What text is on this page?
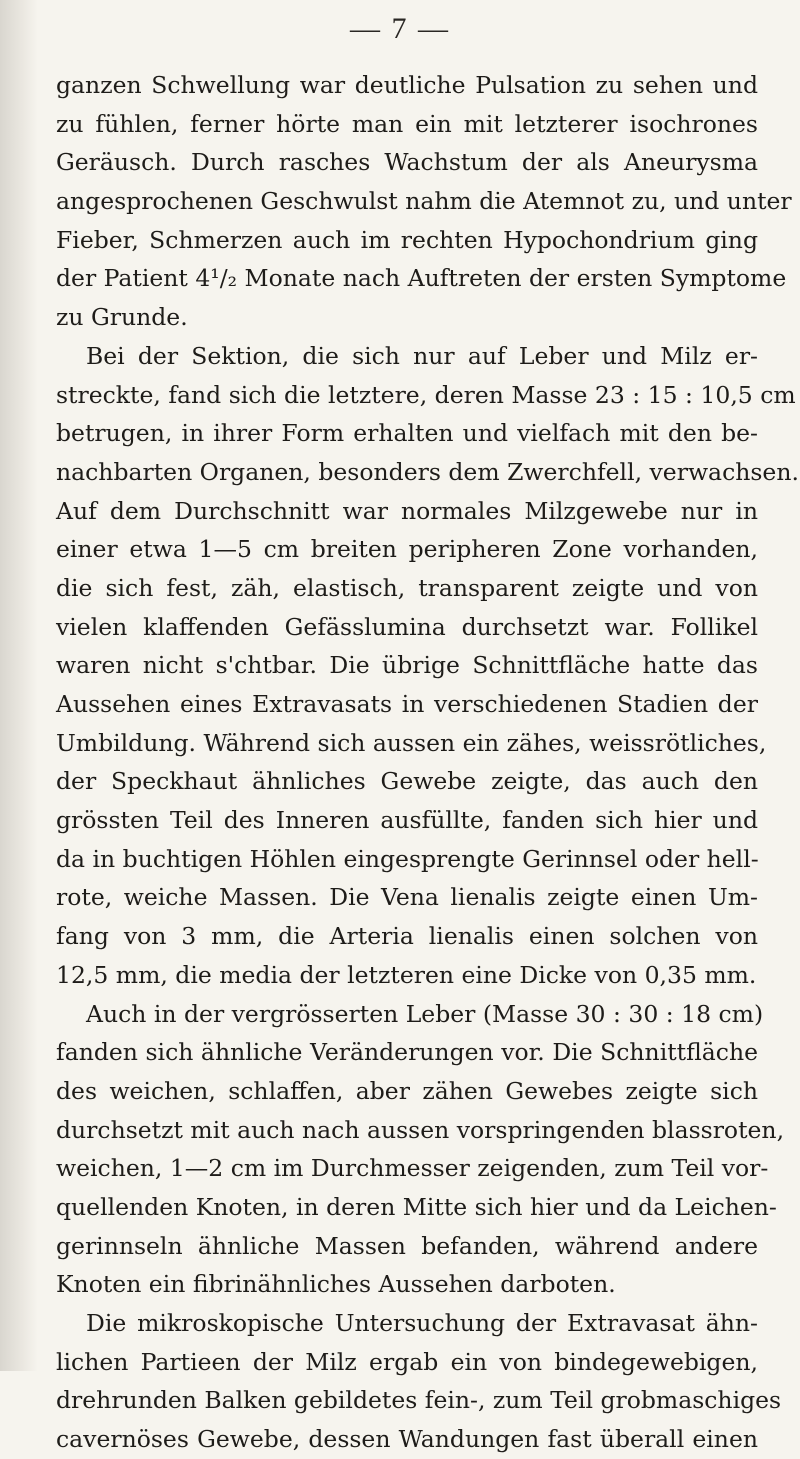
— 7 —
ganzen Schwellung war deutliche Pulsation zu sehen und
zu fühlen, ferner hörte man ein mit letzterer isochrones
Geräusch. Durch rasches Wachstum der als Aneurysma
angesprochenen Geschwulst nahm die Atemnot zu, und unter
Fieber, Schmerzen auch im rechten Hypochondrium ging
der Patient 4¹/₂ Monate nach Auftreten der ersten Symptome
zu Grunde.
Bei der Sektion, die sich nur auf Leber und Milz er-
streckte, fand sich die letztere, deren Masse 23 : 15 : 10,5 cm
betrugen, in ihrer Form erhalten und vielfach mit den be-
nachbarten Organen, besonders dem Zwerchfell, verwachsen.
Auf dem Durchschnitt war normales Milzgewebe nur in
einer etwa 1—5 cm breiten peripheren Zone vorhanden,
die sich fest, zäh, elastisch, transparent zeigte und von
vielen klaffenden Gefässlumina durchsetzt war. Follikel
waren nicht s'chtbar. Die übrige Schnittfläche hatte das
Aussehen eines Extravasats in verschiedenen Stadien der
Umbildung. Während sich aussen ein zähes, weissrötliches,
der Speckhaut ähnliches Gewebe zeigte, das auch den
grössten Teil des Inneren ausfüllte, fanden sich hier und
da in buchtigen Höhlen eingesprengte Gerinnsel oder hell-
rote, weiche Massen. Die Vena lienalis zeigte einen Um-
fang von 3 mm, die Arteria lienalis einen solchen von
12,5 mm, die media der letzteren eine Dicke von 0,35 mm.
Auch in der vergrösserten Leber (Masse 30 : 30 : 18 cm)
fanden sich ähnliche Veränderungen vor. Die Schnittfläche
des weichen, schlaffen, aber zähen Gewebes zeigte sich
durchsetzt mit auch nach aussen vorspringenden blassroten,
weichen, 1—2 cm im Durchmesser zeigenden, zum Teil vor-
quellenden Knoten, in deren Mitte sich hier und da Leichen-
gerinnseln ähnliche Massen befanden, während andere
Knoten ein fibrinähnliches Aussehen darboten.
Die mikroskopische Untersuchung der Extravasat ähn-
lichen Partieen der Milz ergab ein von bindegewebigen,
drehrunden Balken gebildetes fein-, zum Teil grobmaschiges
cavernöses Gewebe, dessen Wandungen fast überall einen
